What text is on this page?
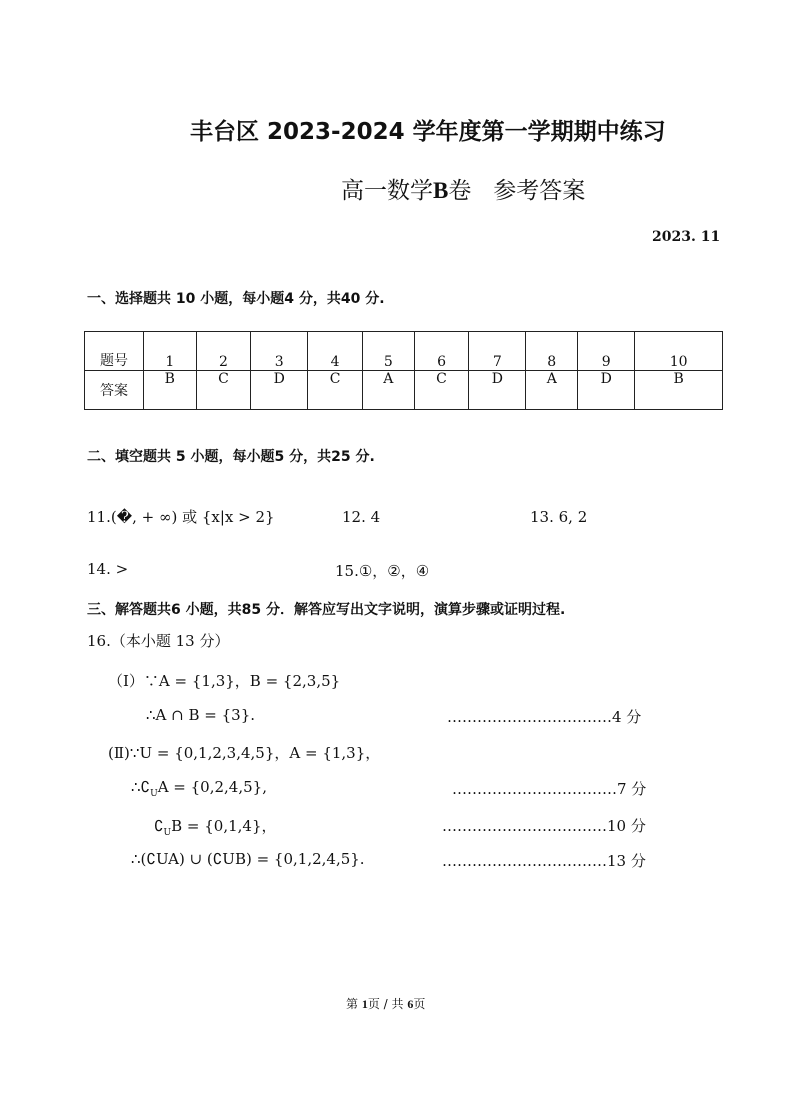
丰台区 2023-2024 学年度第一学期期中练习
高一数学B卷 参考答案
2023. 11
一、选择题共 10 小题，每小题4 分，共40 分.
题号	1	2	3	4	5	6	7	8	9	10
答案	B	C	D	C	A	C	D	A	D	B
二、填空题共 5 小题，每小题5 分，共25 分.
11.(�, + ∞) 或 {x|x > 2}	12. 4	13. 6, 2
14. >	15.①，②，④
三、解答题共6 小题，共85 分．解答应写出文字说明，演算步骤或证明过程.
16.（本小题 13 分）
（Ⅰ）∵A = {1,3}，B = {2,3,5}
∴A ∩ B = {3}.	……………………………4 分
(Ⅱ)∵U = {0,1,2,3,4,5}，A = {1,3}，
$\therefore∁_UA = \{0,2,4,5\}$,	……………………………7 分
$∁_UB = \{0,1,4\}$，	……………………………10 分
∴(∁UA) ∪ (∁UB) = {0,1,2,4,5}.	……………………………13 分
第 1页 / 共 6页
